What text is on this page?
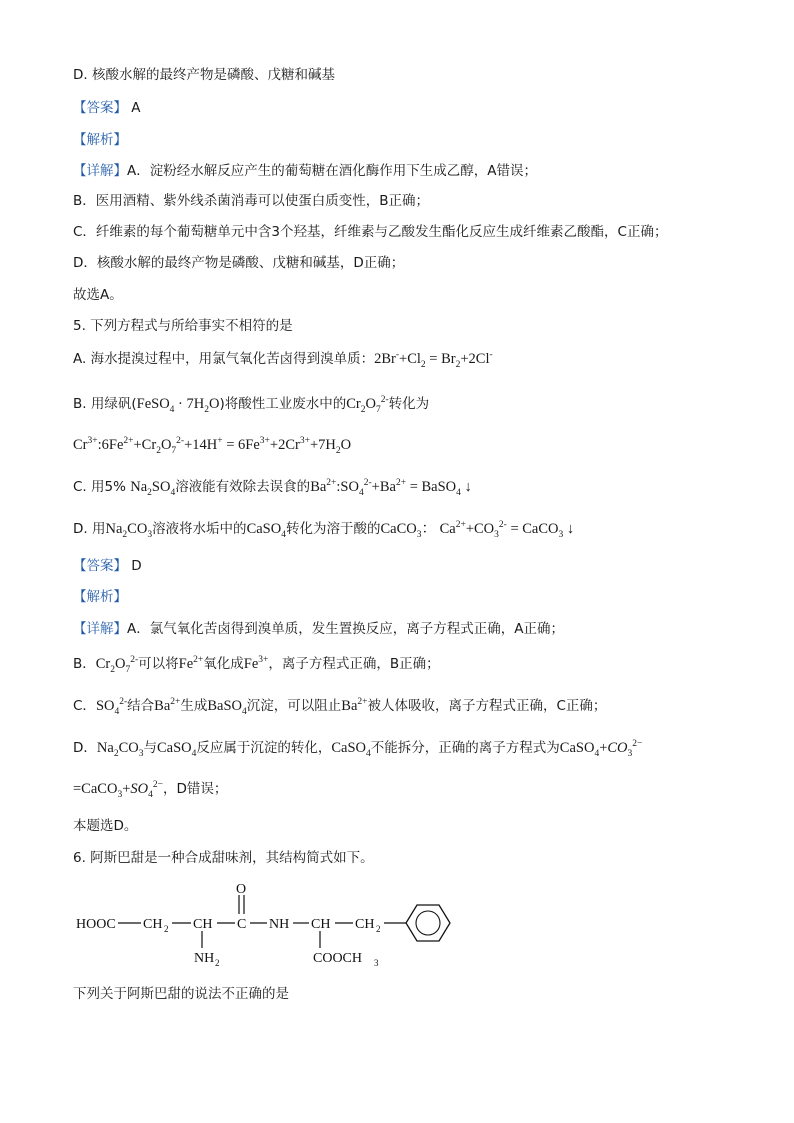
D. 核酸水解的最终产物是磷酸、戊糖和碱基
【答案】 A
【解析】
【详解】A．淀粉经水解反应产生的葡萄糖在酒化酶作用下生成乙醇，A错误；
B．医用酒精、紫外线杀菌消毒可以使蛋白质变性，B正确；
C．纤维素的每个葡萄糖单元中含3个羟基，纤维素与乙酸发生酯化反应生成纤维素乙酸酯，C正确；
D．核酸水解的最终产物是磷酸、戊糖和碱基，D正确；
故选A。
5. 下列方程式与所给事实不相符的是
A. 海水提溴过程中，用氯气氧化苦卤得到溴单质：$2Br^-+Cl_2 = Br_2+2Cl^-$
B. 用绿矾(FeSO$_4$ · $7H_2O$)将酸性工业废水中的$Cr_2O_7^{2-}$转化为
$Cr^{3+}:6Fe^{2+}+Cr_2O_7^{2-}+14H^+ = 6Fe^{3+}+2Cr^{3+}+7H_2O$
C. 用5% $Na_2SO_4$溶液能有效除去误食的$Ba^{2+}:SO_4^{2-}+Ba^{2+}$ = BaSO$_4$ ↓
D. 用$Na_2CO_3$溶液将水垢中的CaSO$_4$转化为溶于酸的CaCO$_3$： $Ca^{2+}+CO_3^{2-}$ = CaCO$_3$ ↓
【答案】 D
【解析】
【详解】A．氯气氧化苦卤得到溴单质，发生置换反应，离子方程式正确，A正确；
B．$Cr_2O_7^{2-}$可以将$Fe^{2+}$氧化成$Fe^{3+}$，离子方程式正确，B正确；
C．$SO_4^{2-}$结合$Ba^{2+}$生成BaSO$_4$沉淀，可以阻止$Ba^{2+}$被人体吸收，离子方程式正确，C正确；
D．$Na_2CO_3$与CaSO$_4$反应属于沉淀的转化，CaSO$_4$不能拆分，正确的离子方程式为$CaSO_4+CO_3^{2-}$
$=CaCO_3+SO_4^{2-}$，D错误；
本题选D。
6. 阿斯巴甜是一种合成甜味剂，其结构简式如下。
HOOC CH 2 CH
NH 2
C
O
NH CH
COOCH 3
CH 2
下列关于阿斯巴甜的说法不正确的是
